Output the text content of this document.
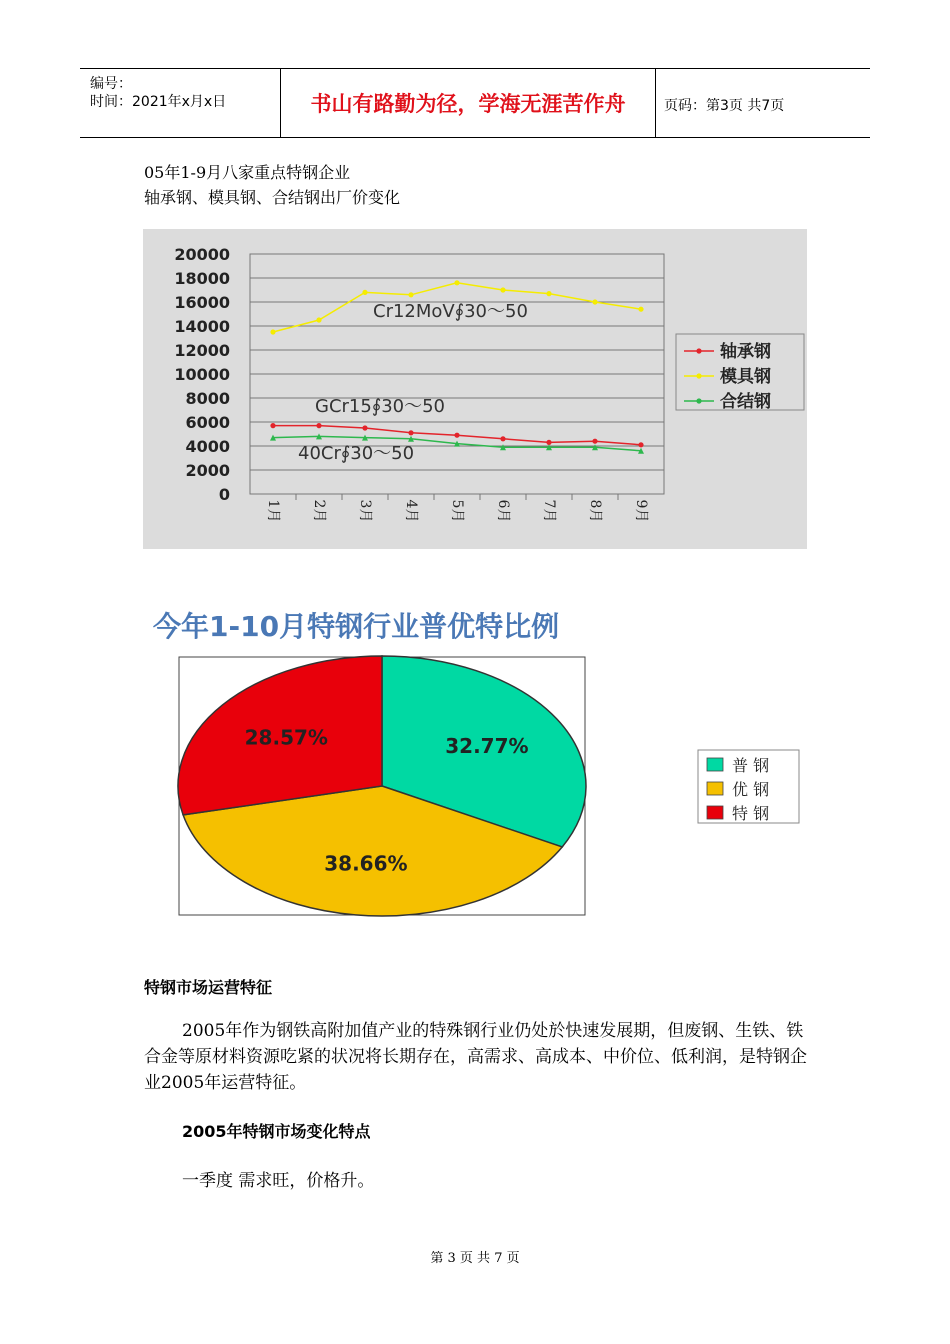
编号：
时间：2021年x月x日	书山有路勤为径，学海无涯苦作舟	页码：第3页 共7页
05年1-9月八家重点特钢企业
轴承钢、模具钢、合结钢出厂价变化
0
2000
4000
6000
8000
10000
12000
14000
16000
18000
20000
1月 2月 3月 4月 5月 6月 7月 8月 9月
Cr12MoV∮30～50
GCr15∮30～50
40Cr∮30～50
轴承钢
模具钢
合结钢
今年1-10月特钢行业普优特比例
32.77%
38.66%
28.57%
普 钢
优 钢
特 钢
特钢市场运营特征

2005年作为钢铁高附加值产业的特殊钢行业仍处於快速发展期，但废钢、生铁、铁合金等原材料资源吃紧的状况将长期存在，高需求、高成本、中价位、低利润，是特钢企业2005年运营特征。

2005年特钢市场变化特点
一季度 需求旺，价格升。
第 3 页 共 7 页
